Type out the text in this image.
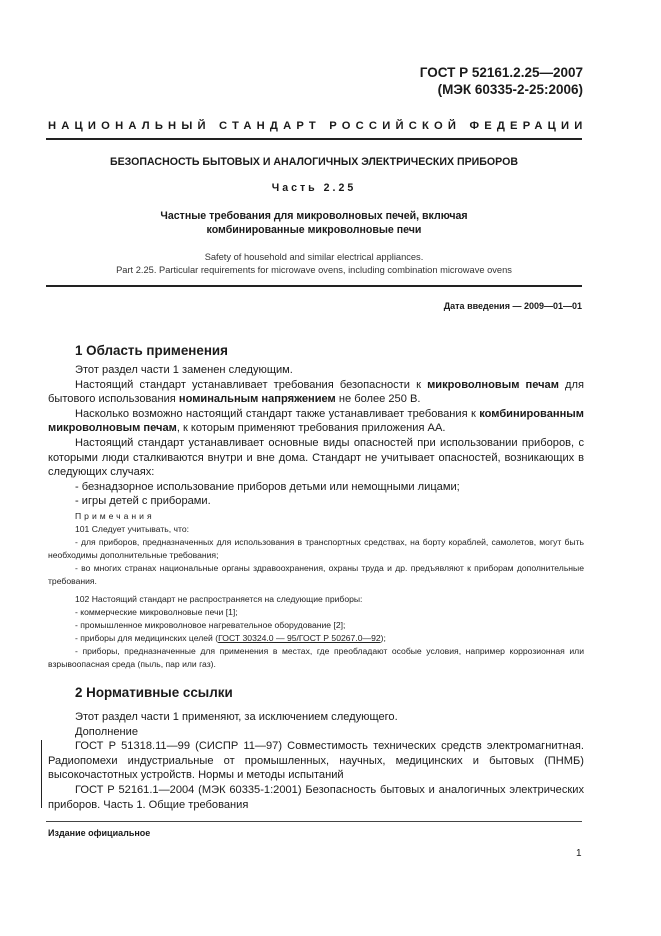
ГОСТ Р 52161.2.25—2007
(МЭК 60335-2-25:2006)
НАЦИОНАЛЬНЫЙ СТАНДАРТ РОССИЙСКОЙ ФЕДЕРАЦИИ
БЕЗОПАСНОСТЬ БЫТОВЫХ И АНАЛОГИЧНЫХ ЭЛЕКТРИЧЕСКИХ ПРИБОРОВ
Часть 2.25
Частные требования для микроволновых печей, включая
комбинированные микроволновые печи
Safety of household and similar electrical appliances.
Part 2.25. Particular requirements for microwave ovens, including combination microwave ovens
Дата введения — 2009—01—01
1 Область применения

Этот раздел части 1 заменен следующим.

Настоящий стандарт устанавливает требования безопасности к микроволновым печам для бытового использования номинальным напряжением не более 250 В.

Насколько возможно настоящий стандарт также устанавливает требования к комбинированным микроволновым печам, к которым применяют требования приложения АА.

Настоящий стандарт устанавливает основные виды опасностей при использовании приборов, с которыми люди сталкиваются внутри и вне дома. Стандарт не учитывает опасностей, возникающих в следующих случаях:

- безнадзорное использование приборов детьми или немощными лицами;

- игры детей с приборами.

Примечания

101 Следует учитывать, что:

- для приборов, предназначенных для использования в транспортных средствах, на борту кораблей, самолетов, могут быть необходимы дополнительные требования;

- во многих странах национальные органы здравоохранения, охраны труда и др. предъявляют к приборам дополнительные требования.

102 Настоящий стандарт не распространяется на следующие приборы:

- коммерческие микроволновые печи [1];

- промышленное микроволновое нагревательное оборудование [2];

- приборы для медицинских целей (ГОСТ 30324.0 — 95/ГОСТ Р 50267.0—92);

- приборы, предназначенные для применения в местах, где преобладают особые условия, например коррозионная или взрывоопасная среда (пыль, пар или газ).

2 Нормативные ссылки

Этот раздел части 1 применяют, за исключением следующего.

Дополнение

ГОСТ Р 51318.11—99 (СИСПР 11—97) Совместимость технических средств электромагнитная. Радиопомехи индустриальные от промышленных, научных, медицинских и бытовых (ПНМБ) высокочастотных устройств. Нормы и методы испытаний

ГОСТ Р 52161.1—2004 (МЭК 60335-1:2001) Безопасность бытовых и аналогичных электрических приборов. Часть 1. Общие требования

Издание официальное
1
